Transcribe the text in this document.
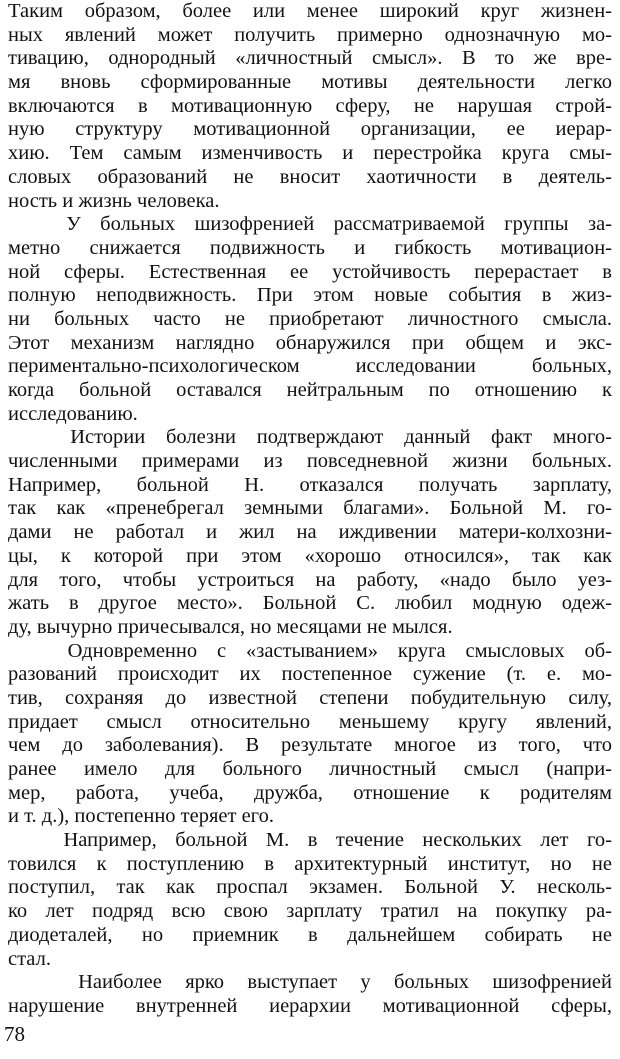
Таким образом, более или менее широкий круг жизнен-
ных явлений может получить примерно однозначную мо-
тивацию, однородный «личностный смысл». В то же вре-
мя вновь сформированные мотивы деятельности легко
включаются в мотивационную сферу, не нарушая строй-
ную структуру мотивационной организации, ее иерар-
хию. Тем самым изменчивость и перестройка круга смы-
словых образований не вносит хаотичности в деятель-
ность и жизнь человека.
У больных шизофренией рассматриваемой группы за-
метно снижается подвижность и гибкость мотивацион-
ной сферы. Естественная ее устойчивость перерастает в
полную неподвижность. При этом новые события в жиз-
ни больных часто не приобретают личностного смысла.
Этот механизм наглядно обнаружился при общем и экс-
периментально-психологическом исследовании больных,
когда больной оставался нейтральным по отношению к
исследованию.
Истории болезни подтверждают данный факт много-
численными примерами из повседневной жизни больных.
Например, больной Н. отказался получать зарплату,
так как «пренебрегал земными благами». Больной М. го-
дами не работал и жил на иждивении матери-колхозни-
цы, к которой при этом «хорошо относился», так как
для того, чтобы устроиться на работу, «надо было уез-
жать в другое место». Больной С. любил модную одеж-
ду, вычурно причесывался, но месяцами не мылся.
Одновременно с «застыванием» круга смысловых об-
разований происходит их постепенное сужение (т. е. мо-
тив, сохраняя до известной степени побудительную силу,
придает смысл относительно меньшему кругу явлений,
чем до заболевания). В результате многое из того, что
ранее имело для больного личностный смысл (напри-
мер, работа, учеба, дружба, отношение к родителям
и т. д.), постепенно теряет его.
Например, больной М. в течение нескольких лет го-
товился к поступлению в архитектурный институт, но не
поступил, так как проспал экзамен. Больной У. несколь-
ко лет подряд всю свою зарплату тратил на покупку ра-
диодеталей, но приемник в дальнейшем собирать не
стал.
Наиболее ярко выступает у больных шизофренией
нарушение внутренней иерархии мотивационной сферы,
78
